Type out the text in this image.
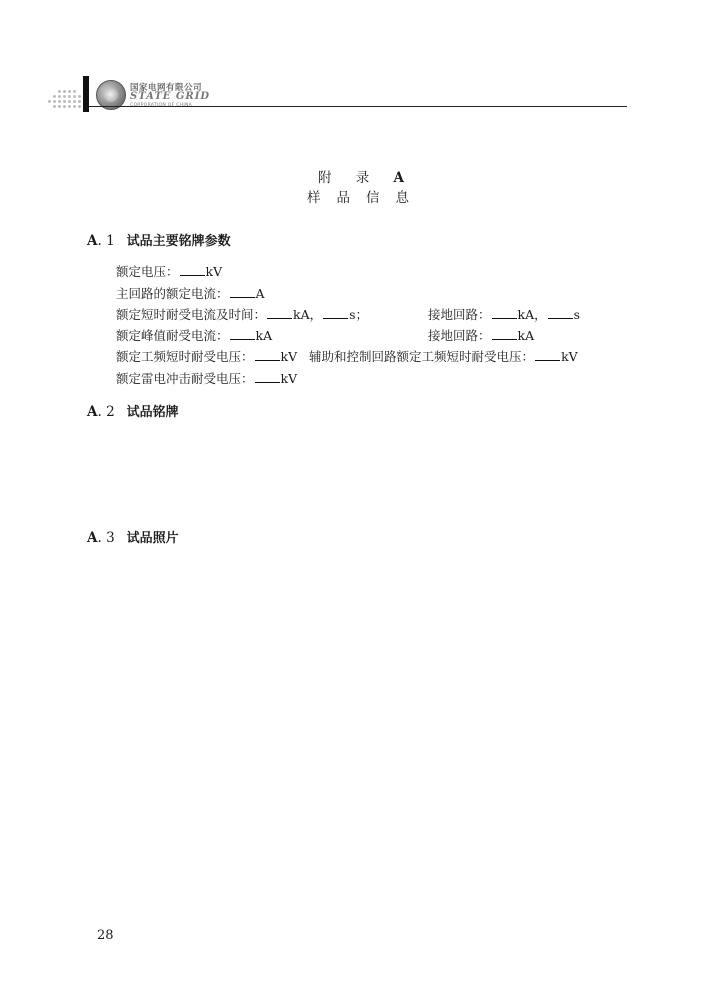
国家电网有限公司
STATE GRID
CORPORATION OF CHINA
附 录 A
样品信息
A. 1 试品主要铭牌参数
额定电压： kV
主回路的额定电流： A
额定短时耐受电流及时间： kA， s；	接地回路： kA， s
额定峰值耐受电流： kA	接地回路： kA
额定工频短时耐受电压： kV 辅助和控制回路额定工频短时耐受电压： kV
额定雷电冲击耐受电压： kV
A. 2 试品铭牌
A. 3 试品照片
28
